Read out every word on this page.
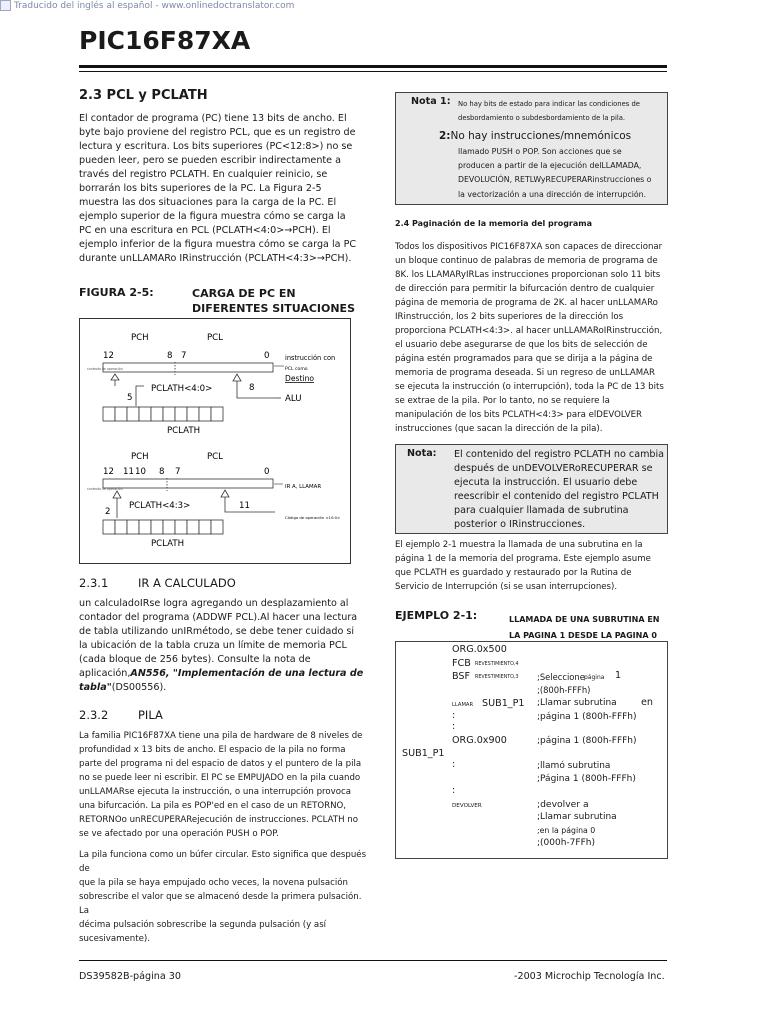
Traducido del inglés al español - www.onlinedoctranslator.com
PIC16F87XA
2.3 PCL y PCLATH
El contador de programa (PC) tiene 13 bits de ancho. El
byte bajo proviene del registro PCL, que es un registro de
lectura y escritura. Los bits superiores (PC<12:8>) no se
pueden leer, pero se pueden escribir indirectamente a
través del registro PCLATH. En cualquier reinicio, se
borrarán los bits superiores de la PC. La Figura 2-5
muestra las dos situaciones para la carga de la PC. El
ejemplo superior de la figura muestra cómo se carga la
PC en una escritura en PCL (PCLATH<4:0>→PCH). El
ejemplo inferior de la figura muestra cómo se carga la PC
durante unLLAMARo IRinstrucción (PCLATH<4:3>→PCH).
FIGURA 2-5:	CARGA DE PC EN
DIFERENTES SITUACIONES
PCH	PCL
12	8 7	0
contexto de operación
instrucción con
PCL como
Destino
PCLATH<4:0>
5
8
ALU
PCLATH
PCH	PCL
12 11 10 8 7	0
contexto de operación	IR A, LLAMAR
PCLATH<4:3>
2
11
Código de operación <10:0>
PCLATH
2.3.1	IR A CALCULADO
un calculadoIRse logra agregando un desplazamiento al
contador del programa (ADDWF PCL).Al hacer una lectura
de tabla utilizando unIRmétodo, se debe tener cuidado si
la ubicación de la tabla cruza un límite de memoria PCL
(cada bloque de 256 bytes). Consulte la nota de
aplicación,AN556, "Implementación de una lectura de
tabla"(DS00556).
2.3.2	PILA
La familia PIC16F87XA tiene una pila de hardware de 8 niveles de
profundidad x 13 bits de ancho. El espacio de la pila no forma
parte del programa ni del espacio de datos y el puntero de la pila
no se puede leer ni escribir. El PC se EMPUJADO en la pila cuando
unLLAMARse ejecuta la instrucción, o una interrupción provoca
una bifurcación. La pila es POP'ed en el caso de un RETORNO,
RETORNOo unRECUPERARejecución de instrucciones. PCLATH no
se ve afectado por una operación PUSH o POP.
La pila funciona como un búfer circular. Esto significa que después de
que la pila se haya empujado ocho veces, la novena pulsación
sobrescribe el valor que se almacenó desde la primera pulsación. La
décima pulsación sobrescribe la segunda pulsación (y así
sucesivamente).
Nota 1: No hay bits de estado para indicar las condiciones de
desbordamiento o subdesbordamiento de la pila.
2:No hay instrucciones/mnemónicos
llamado PUSH o POP. Son acciones que se
producen a partir de la ejecución delLLAMADA,
DEVOLUCIÓN, RETLWyRECUPERARinstrucciones o
la vectorización a una dirección de interrupción.
2.4 Paginación de la memoria del programa
Todos los dispositivos PIC16F87XA son capaces de direccionar
un bloque continuo de palabras de memoria de programa de
8K. los LLAMARyIRLas instrucciones proporcionan solo 11 bits
de dirección para permitir la bifurcación dentro de cualquier
página de memoria de programa de 2K. al hacer unLLAMARo
IRinstrucción, los 2 bits superiores de la dirección los
proporciona PCLATH<4:3>. al hacer unLLAMARoIRinstrucción,
el usuario debe asegurarse de que los bits de selección de
página estén programados para que se dirija a la página de
memoria de programa deseada. Si un regreso de unLLAMAR
se ejecuta la instrucción (o interrupción), toda la PC de 13 bits
se extrae de la pila. Por lo tanto, no se requiere la
manipulación de los bits PCLATH<4:3> para elDEVOLVER
instrucciones (que sacan la dirección de la pila).
Nota: El contenido del registro PCLATH no cambia
después de unDEVOLVERoRECUPERAR se
ejecuta la instrucción. El usuario debe
reescribir el contenido del registro PCLATH
para cualquier llamada de subrutina
posterior o IRinstrucciones.
El ejemplo 2-1 muestra la llamada de una subrutina en la
página 1 de la memoria del programa. Este ejemplo asume
que PCLATH es guardado y restaurado por la Rutina de
Servicio de Interrupción (si se usan interrupciones).
EJEMPLO 2-1:	LLAMADA DE UNA SUBRUTINA EN
LA PAGINA 1 DESDE LA PAGINA 0
ORG.0x500
FCB REVESTIMIENTO,4
BSF REVESTIMIENTO,3 ;Seleccione página 1
;(800h-FFFh)
LLAMAR SUB1_P1 ;Llamar subrutina	en
:	;página 1 (800h-FFFh)
:
ORG.0x900	;página 1 (800h-FFFh)
SUB1_P1
:	;llamó subrutina
;Página 1 (800h-FFFh)
:
DEVOLVER	;devolver a
;Llamar subrutina
;en la página 0
;(000h-7FFh)
DS39582B-página 30	-2003 Microchip Tecnología Inc.
